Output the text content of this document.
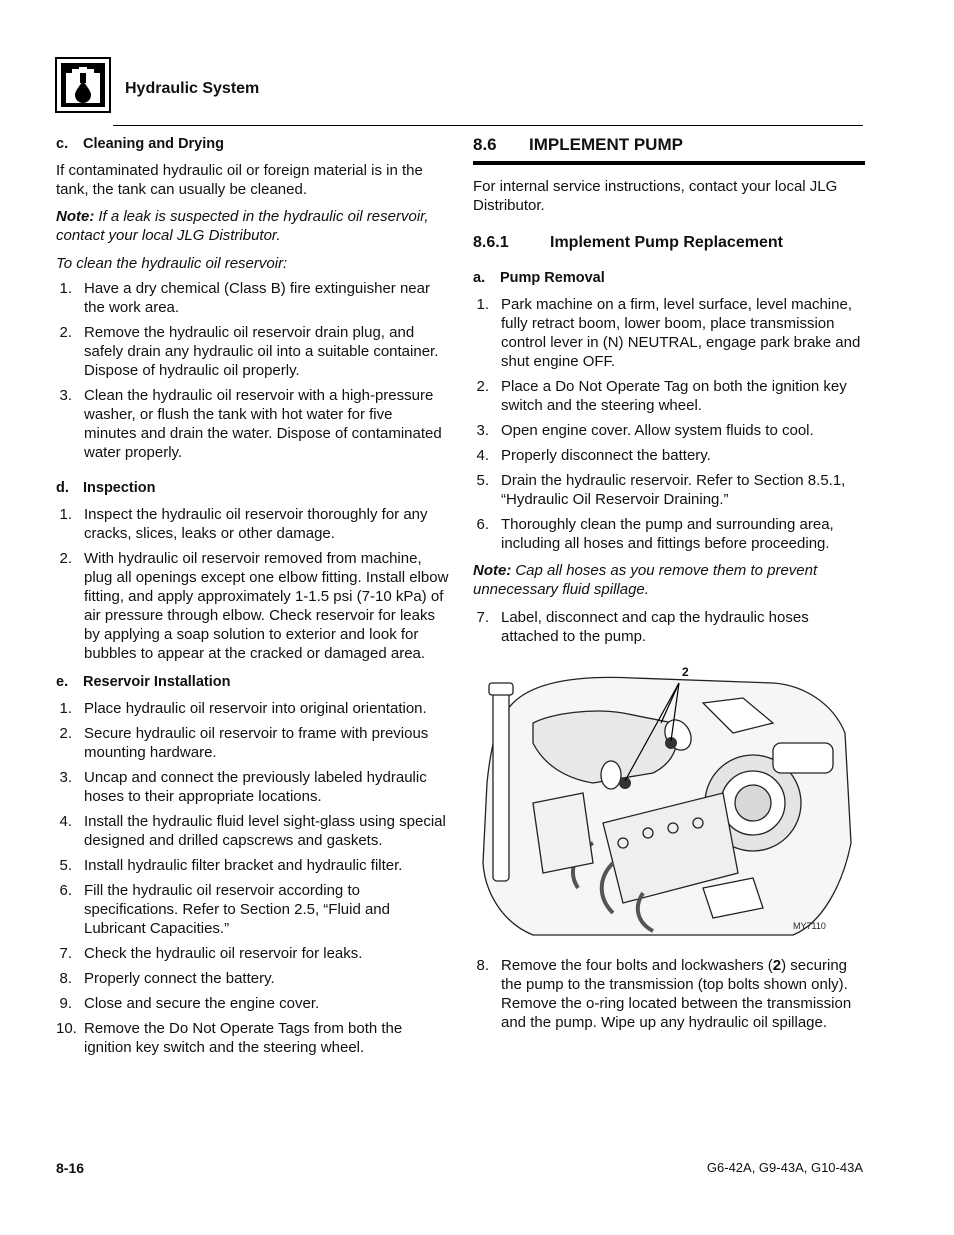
Hydraulic System

c. Cleaning and Drying

If contaminated hydraulic oil or foreign material is in the tank, the tank can usually be cleaned.

Note: If a leak is suspected in the hydraulic oil reservoir, contact your local JLG Distributor.

To clean the hydraulic oil reservoir:

1. Have a dry chemical (Class B) fire extinguisher near the work area.
2. Remove the hydraulic oil reservoir drain plug, and safely drain any hydraulic oil into a suitable container. Dispose of hydraulic oil properly.
3. Clean the hydraulic oil reservoir with a high-pressure washer, or flush the tank with hot water for five minutes and drain the water. Dispose of contaminated water properly.

d. Inspection

1. Inspect the hydraulic oil reservoir thoroughly for any cracks, slices, leaks or other damage.
2. With hydraulic oil reservoir removed from machine, plug all openings except one elbow fitting. Install elbow fitting, and apply approximately 1-1.5 psi (7-10 kPa) of air pressure through elbow. Check reservoir for leaks by applying a soap solution to exterior and look for bubbles to appear at the cracked or damaged area.

e. Reservoir Installation

1. Place hydraulic oil reservoir into original orientation.
2. Secure hydraulic oil reservoir to frame with previous mounting hardware.
3. Uncap and connect the previously labeled hydraulic hoses to their appropriate locations.
4. Install the hydraulic fluid level sight-glass using special designed and drilled capscrews and gaskets.
5. Install hydraulic filter bracket and hydraulic filter.
6. Fill the hydraulic oil reservoir according to specifications. Refer to Section 2.5, “Fluid and Lubricant Capacities.”
7. Check the hydraulic oil reservoir for leaks.
8. Properly connect the battery.
9. Close and secure the engine cover.
10. Remove the Do Not Operate Tags from both the ignition key switch and the steering wheel.

8.6 IMPLEMENT PUMP

For internal service instructions, contact your local JLG Distributor.

8.6.1	Implement Pump Replacement

a. Pump Removal

1. Park machine on a firm, level surface, level machine, fully retract boom, lower boom, place transmission control lever in (N) NEUTRAL, engage park brake and shut engine OFF.
2. Place a Do Not Operate Tag on both the ignition key switch and the steering wheel.
3. Open engine cover. Allow system fluids to cool.
4. Properly disconnect the battery.
5. Drain the hydraulic reservoir. Refer to Section 8.5.1, “Hydraulic Oil Reservoir Draining.”
6. Thoroughly clean the pump and surrounding area, including all hoses and fittings before proceeding.

Note: Cap all hoses as you remove them to prevent unnecessary fluid spillage.

7. Label, disconnect and cap the hydraulic hoses attached to the pump.
2
MY7110
8. Remove the four bolts and lockwashers (2) securing the pump to the transmission (top bolts shown only). Remove the o-ring located between the transmission and the pump. Wipe up any hydraulic oil spillage.
8-16	G6-42A, G9-43A, G10-43A
